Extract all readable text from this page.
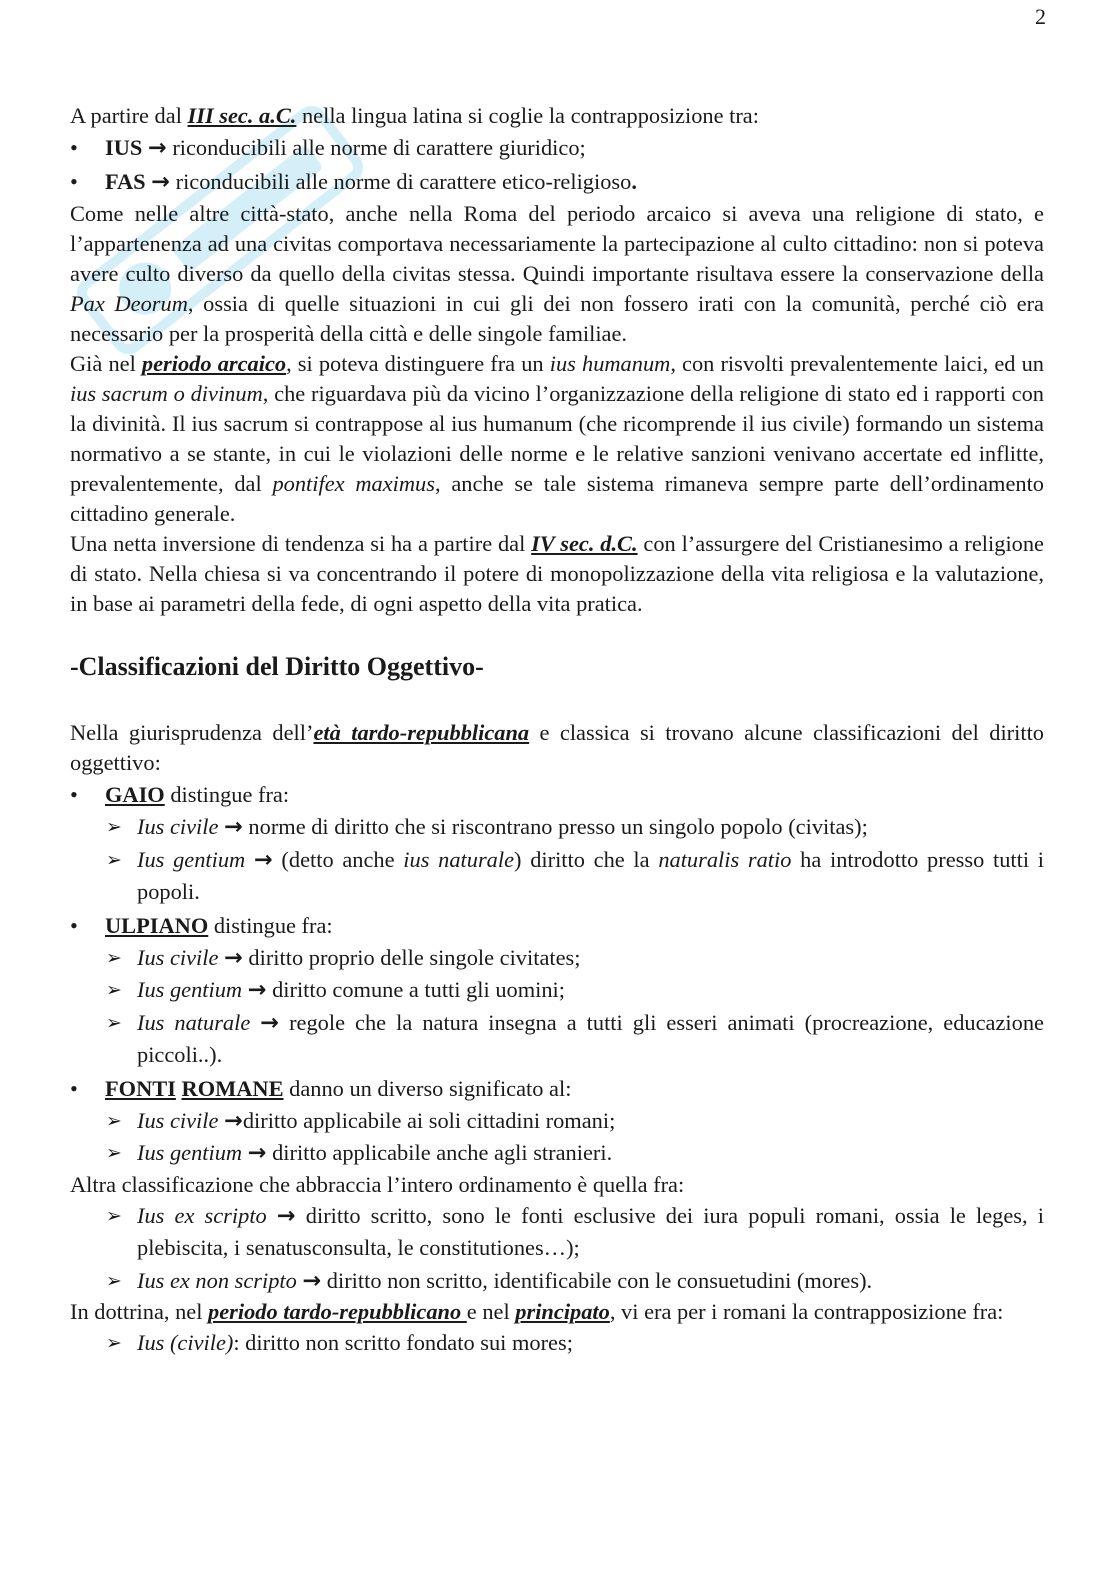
2

A partire dal III sec. a.C. nella lingua latina si coglie la contrapposizione tra:

• IUS → riconducibili alle norme di carattere giuridico;
• FAS → riconducibili alle norme di carattere etico-religioso.

Come nelle altre città-stato, anche nella Roma del periodo arcaico si aveva una religione di stato, e l’appartenenza ad una civitas comportava necessariamente la partecipazione al culto cittadino: non si poteva avere culto diverso da quello della civitas stessa. Quindi importante risultava essere la conservazione della Pax Deorum, ossia di quelle situazioni in cui gli dei non fossero irati con la comunità, perché ciò era necessario per la prosperità della città e delle singole familiae.

Già nel periodo arcaico, si poteva distinguere fra un ius humanum, con risvolti prevalentemente laici, ed un ius sacrum o divinum, che riguardava più da vicino l’organizzazione della religione di stato ed i rapporti con la divinità. Il ius sacrum si contrappose al ius humanum (che ricomprende il ius civile) formando un sistema normativo a se stante, in cui le violazioni delle norme e le relative sanzioni venivano accertate ed inflitte, prevalentemente, dal pontifex maximus, anche se tale sistema rimaneva sempre parte dell’ordinamento cittadino generale.

Una netta inversione di tendenza si ha a partire dal IV sec. d.C. con l’assurgere del Cristianesimo a religione di stato. Nella chiesa si va concentrando il potere di monopolizzazione della vita religiosa e la valutazione, in base ai parametri della fede, di ogni aspetto della vita pratica.

-Classificazioni del Diritto Oggettivo-

Nella giurisprudenza dell’età tardo-repubblicana e classica si trovano alcune classificazioni del diritto oggettivo:

• GAIO distingue fra:
➢ Ius civile → norme di diritto che si riscontrano presso un singolo popolo (civitas);
➢ Ius gentium → (detto anche ius naturale) diritto che la naturalis ratio ha introdotto presso tutti i popoli.
• ULPIANO distingue fra:
➢ Ius civile → diritto proprio delle singole civitates;
➢ Ius gentium → diritto comune a tutti gli uomini;
➢ Ius naturale → regole che la natura insegna a tutti gli esseri animati (procreazione, educazione piccoli..).
• FONTI ROMANE danno un diverso significato al:
➢ Ius civile →diritto applicabile ai soli cittadini romani;
➢ Ius gentium → diritto applicabile anche agli stranieri.

Altra classificazione che abbraccia l’intero ordinamento è quella fra:

➢ Ius ex scripto → diritto scritto, sono le fonti esclusive dei iura populi romani, ossia le leges, i plebiscita, i senatusconsulta, le constitutiones…);
➢ Ius ex non scripto → diritto non scritto, identificabile con le consuetudini (mores).

In dottrina, nel periodo tardo-repubblicano e nel principato, vi era per i romani la contrapposizione fra:

➢ Ius (civile): diritto non scritto fondato sui mores;
